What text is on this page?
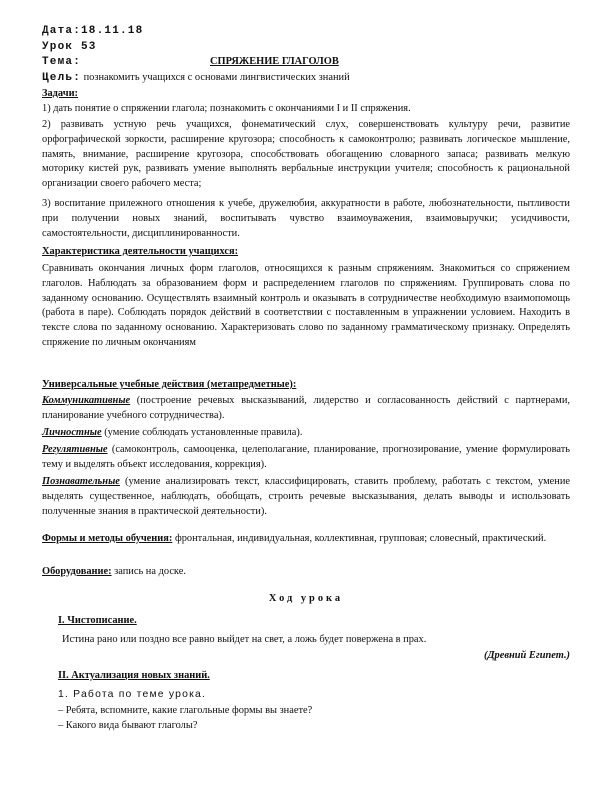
Дата:18.11.18
Урок 53
Тема:	СПРЯЖЕНИЕ ГЛАГОЛОВ
Цель: познакомить учащихся с основами лингвистических знаний
Задачи:
1) дать понятие о спряжении глагола; познакомить с окончаниями I и II спряжения.
2) развивать устную речь учащихся, фонематический слух, совершенствовать культуру речи, развитие орфографической зоркости, расширение кругозора; способность к самоконтролю; развивать логическое мышление, память, внимание, расширение кругозора, способствовать обогащению словарного запаса; развивать мелкую моторику кистей рук, развивать умение выполнять вербальные инструкции учителя; способность к рациональной организации своего рабочего места;
3) воспитание прилежного отношения к учебе, дружелюбия, аккуратности в работе, любознательности, пытливости при получении новых знаний, воспитывать чувство взаимоуважения, взаимовыручки; усидчивости, самостоятельности, дисциплинированности.
Характеристика деятельности учащихся:
Сравнивать окончания личных форм глаголов, относящихся к разным спряжениям. Знакомиться со спряжением глаголов. Наблюдать за образованием форм и распределением глаголов по спряжениям. Группировать слова по заданному основанию. Осуществлять взаимный контроль и оказывать в сотрудничестве необходимую взаимопомощь (работа в паре). Соблюдать порядок действий в соответствии с поставленным в упражнении условием. Находить в тексте слова по заданному основанию. Характеризовать слово по заданному грамматическому признаку. Определять спряжение по личным окончаниям
Универсальные учебные действия (метапредметные):
Коммуникативные (построение речевых высказываний, лидерство и согласованность действий с партнерами, планирование учебного сотрудничества).
Личностные (умение соблюдать установленные правила).
Регулятивные (самоконтроль, самооценка, целеполагание, планирование, прогнозирование, умение формулировать тему и выделять объект исследования, коррекция).
Познавательные (умение анализировать текст, классифицировать, ставить проблему, работать с текстом, умение выделять существенное, наблюдать, обобщать, строить речевые высказывания, делать выводы и использовать полученные знания в практической деятельности).
Формы и методы обучения: фронтальная, индивидуальная, коллективная, групповая; словесный, практический.
Оборудование: запись на доске.
Ход урока
I. Чистописание.
Истина рано или поздно все равно выйдет на свет, а ложь будет повержена в прах.
(Древний Египет.)
II. Актуализация новых знаний.
1. Работа по теме урока.
– Ребята, вспомните, какие глагольные формы вы знаете?
– Какого вида бывают глаголы?
